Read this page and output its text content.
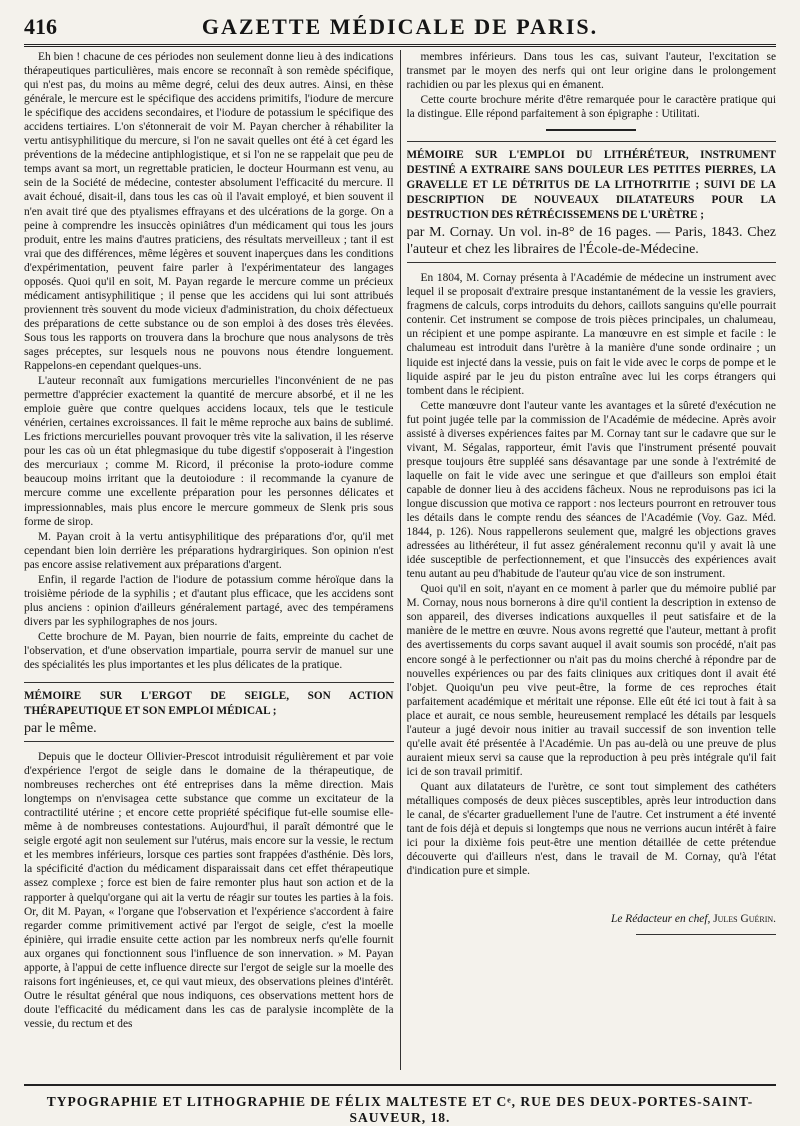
416	GAZETTE MÉDICALE DE PARIS.

Eh bien ! chacune de ces périodes non seulement donne lieu à des indications thérapeutiques particulières, mais encore se reconnaît à son remède spécifique, qui n'est pas, du moins au même degré, celui des deux autres. Ainsi, en thèse générale, le mercure est le spécifique des accidens primitifs, l'iodure de mercure le spécifique des accidens secondaires, et l'iodure de potassium le spécifique des accidens tertiaires. L'on s'étonnerait de voir M. Payan chercher à réhabiliter la vertu antisyphilitique du mercure, si l'on ne savait quelles ont été à cet égard les préventions de la médecine antiphlogistique, et si l'on ne se rappelait que peu de temps avant sa mort, un regrettable praticien, le docteur Hourmann est venu, au sein de la Société de médecine, contester absolument l'efficacité du mercure. Il avait échoué, disait-il, dans tous les cas où il l'avait employé, et bien souvent il n'en avait tiré que des ptyalismes effrayans et des ulcérations de la gorge. On a peine à comprendre les insuccès opiniâtres d'un médicament qui tous les jours produit, entre les mains d'autres praticiens, des résultats merveilleux ; tant il est vrai que des différences, même légères et souvent inaperçues dans les conditions d'expérimentation, peuvent faire parler à l'expérimentateur des langages opposés. Quoi qu'il en soit, M. Payan regarde le mercure comme un précieux médicament antisyphilitique ; il pense que les accidens qui lui sont attribués proviennent très souvent du mode vicieux d'administration, du choix défectueux des préparations de cette substance ou de son emploi à des doses très élevées. Sous tous les rapports on trouvera dans la brochure que nous analysons de très sages préceptes, sur lesquels nous ne pouvons nous étendre longuement. Rappelons-en cependant quelques-uns.

L'auteur reconnaît aux fumigations mercurielles l'inconvénient de ne pas permettre d'apprécier exactement la quantité de mercure absorbé, et il ne les emploie guère que contre quelques accidens locaux, tels que le testicule vénérien, certaines excroissances. Il fait le même reproche aux bains de sublimé. Les frictions mercurielles pouvant provoquer très vite la salivation, il les réserve pour les cas où un état phlegmasique du tube digestif s'opposerait à l'ingestion des mercuriaux ; comme M. Ricord, il préconise la proto-iodure comme beaucoup moins irritant que la deutoiodure : il recommande la cyanure de mercure comme une excellente préparation pour les personnes délicates et impressionnables, mais plus encore le mercure gommeux de Slenk pris sous forme de sirop.

M. Payan croit à la vertu antisyphilitique des préparations d'or, qu'il met cependant bien loin derrière les préparations hydrargiriques. Son opinion n'est pas encore assise relativement aux préparations d'argent.

Enfin, il regarde l'action de l'iodure de potassium comme héroïque dans la troisième période de la syphilis ; et d'autant plus efficace, que les accidens sont plus anciens : opinion d'ailleurs généralement partagé, avec des tempéramens divers par les syphilographes de nos jours.

Cette brochure de M. Payan, bien nourrie de faits, empreinte du cachet de l'observation, et d'une observation impartiale, pourra servir de manuel sur une des spécialités les plus importantes et les plus délicates de la pratique.

MÉMOIRE SUR L'ERGOT DE SEIGLE, SON ACTION THÉRAPEUTIQUE ET SON EMPLOI MÉDICAL ;

par le même.

Depuis que le docteur Ollivier-Prescot introduisit régulièrement et par voie d'expérience l'ergot de seigle dans le domaine de la thérapeutique, de nombreuses recherches ont été entreprises dans la même direction. Mais longtemps on n'envisagea cette substance que comme un excitateur de la contractilité utérine ; et encore cette propriété spécifique fut-elle soumise elle-même à de nombreuses contestations. Aujourd'hui, il paraît démontré que le seigle ergoté agit non seulement sur l'utérus, mais encore sur la vessie, le rectum et les membres inférieurs, lorsque ces parties sont frappées d'asthénie. Dès lors, la spécificité d'action du médicament disparaissait dans cet effet thérapeutique assez complexe ; force est bien de faire remonter plus haut son action et de la rapporter à quelqu'organe qui ait la vertu de réagir sur toutes les parties à la fois. Or, dit M. Payan, « l'organe que l'observation et l'expérience s'accordent à faire regarder comme primitivement activé par l'ergot de seigle, c'est la moelle épinière, qui irradie ensuite cette action par les nombreux nerfs qu'elle fournit aux organes qui fonctionnent sous l'influence de son innervation. » M. Payan apporte, à l'appui de cette influence directe sur l'ergot de seigle sur la moelle des raisons fort ingénieuses, et, ce qui vaut mieux, des observations pleines d'intérêt. Outre le résultat général que nous indiquons, ces observations mettent hors de doute l'efficacité du médicament dans les cas de paralysie incomplète de la vessie, du rectum et des

membres inférieurs. Dans tous les cas, suivant l'auteur, l'excitation se transmet par le moyen des nerfs qui ont leur origine dans le prolongement rachidien ou par les plexus qui en émanent.

Cette courte brochure mérite d'être remarquée pour le caractère pratique qui la distingue. Elle répond parfaitement à son épigraphe : Utilitati.

MÉMOIRE SUR L'EMPLOI DU LITHÉRÉTEUR, INSTRUMENT DESTINÉ A EXTRAIRE SANS DOULEUR LES PETITES PIERRES, LA GRAVELLE ET LE DÉTRITUS DE LA LITHOTRITIE ; SUIVI DE LA DESCRIPTION DE NOUVEAUX DILATATEURS POUR LA DESTRUCTION DES RÉTRÉCISSEMENS DE L'URÈTRE ;

par M. Cornay. Un vol. in-8° de 16 pages. — Paris, 1843. Chez l'auteur et chez les libraires de l'École-de-Médecine.

En 1804, M. Cornay présenta à l'Académie de médecine un instrument avec lequel il se proposait d'extraire presque instantanément de la vessie les graviers, fragmens de calculs, corps introduits du dehors, caillots sanguins qu'elle pourrait contenir. Cet instrument se compose de trois pièces principales, un chalumeau, un récipient et une pompe aspirante. La manœuvre en est simple et facile : le chalumeau est introduit dans l'urètre à la manière d'une sonde ordinaire ; un liquide est injecté dans la vessie, puis on fait le vide avec le corps de pompe et le liquide aspiré par le jeu du piston entraîne avec lui les corps étrangers qui tombent dans le récipient.

Cette manœuvre dont l'auteur vante les avantages et la sûreté d'exécution ne fut point jugée telle par la commission de l'Académie de médecine. Après avoir assisté à diverses expériences faites par M. Cornay tant sur le cadavre que sur le vivant, M. Ségalas, rapporteur, émit l'avis que l'instrument présenté pouvait presque toujours être suppléé sans désavantage par une sonde à l'extrémité de laquelle on fait le vide avec une seringue et que d'ailleurs son emploi était capable de donner lieu à des accidens fâcheux. Nous ne reproduisons pas ici la longue discussion que motiva ce rapport : nos lecteurs pourront en retrouver tous les détails dans le compte rendu des séances de l'Académie (Voy. Gaz. Méd. 1844, p. 126). Nous rappellerons seulement que, malgré les objections graves adressées au lithéréteur, il fut assez généralement reconnu qu'il y avait là une idée susceptible de perfectionnement, et que l'insuccès des expériences avait tenu autant au peu d'habitude de l'auteur qu'au vice de son instrument.

Quoi qu'il en soit, n'ayant en ce moment à parler que du mémoire publié par M. Cornay, nous nous bornerons à dire qu'il contient la description in extenso de son appareil, des diverses indications auxquelles il peut satisfaire et de la manière de le mettre en œuvre. Nous avons regretté que l'auteur, mettant à profit des avertissements du corps savant auquel il avait soumis son procédé, n'ait pas encore songé à le perfectionner ou n'ait pas du moins cherché à répondre par de nouvelles expériences ou par des faits cliniques aux critiques dont il avait été l'objet. Quoiqu'un peu vive peut-être, la forme de ces reproches était parfaitement académique et méritait une réponse. Elle eût été ici tout à fait à sa place et aurait, ce nous semble, heureusement remplacé les détails par lesquels l'auteur a jugé devoir nous initier au travail successif de son invention telle qu'elle avait été présentée à l'Académie. Un pas au-delà ou une preuve de plus auraient mieux servi sa cause que la reproduction à peu près intégrale qu'il fait ici de son travail primitif.

Quant aux dilatateurs de l'urètre, ce sont tout simplement des cathéters métalliques composés de deux pièces susceptibles, après leur introduction dans le canal, de s'écarter graduellement l'une de l'autre. Cet instrument a été inventé tant de fois déjà et depuis si longtemps que nous ne verrions aucun intérêt à faire ici pour la dixième fois peut-être une mention détaillée de cette prétendue découverte qui d'ailleurs n'est, dans le travail de M. Cornay, qu'à l'état d'indication pure et simple.

Le Rédacteur en chef, Jules Guérin.

TYPOGRAPHIE ET LITHOGRAPHIE DE FÉLIX MALTESTE ET Cᵉ, RUE DES DEUX-PORTES-SAINT-SAUVEUR, 18.
